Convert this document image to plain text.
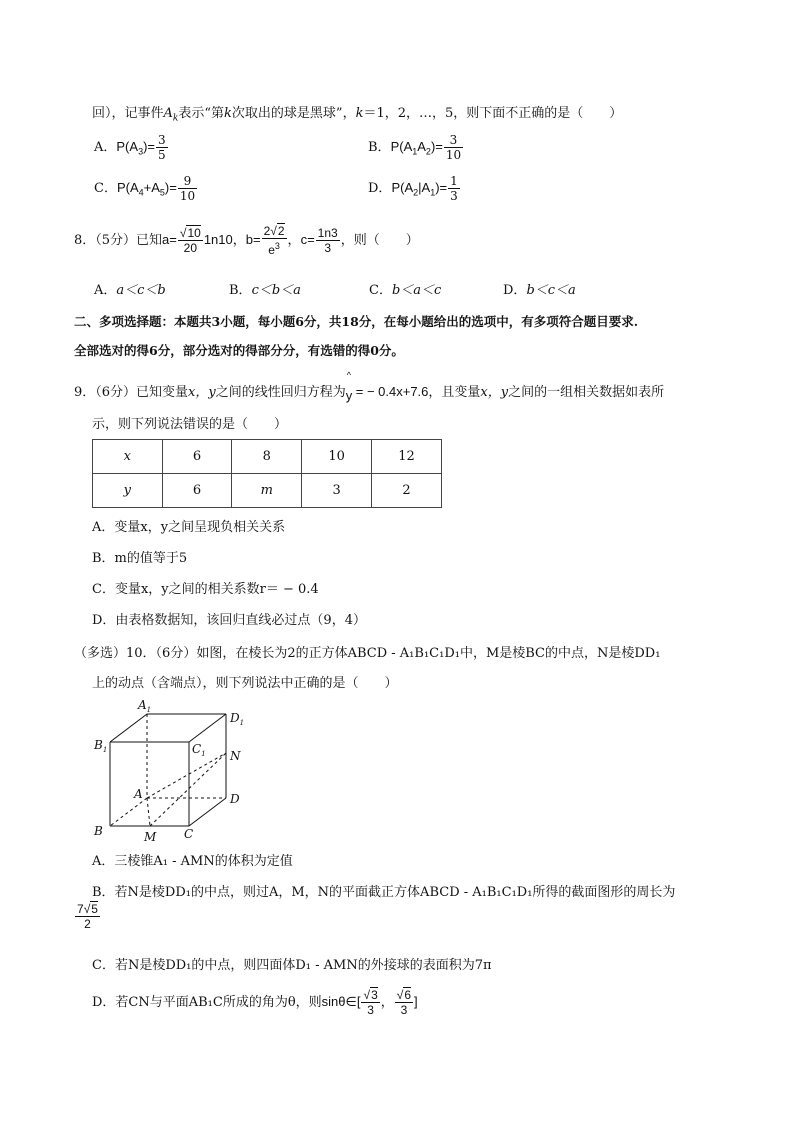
回），记事件$A_k$表示“第k次取出的球是黑球”，k＝1，2，…，5，则下面不正确的是（　　）
A．$P(A_3)= \frac{3}{5}$	B．$P(A_1A_2)= \frac{3}{10}$
C．$P(A_4+A_5)= \frac{9}{10}$	D．$P(A_2|A_1)= \frac{1}{3}$
8．（5分）已知$a= \frac{√10}{20} 1n10$，$b= \frac{2√2}{e^3}$ ，$c= \frac{1n3}{3}$ ，则（　　）
A．a＜c＜b	B．c＜b＜a	C．b＜a＜c	D．b＜c＜a
二、多项选择题：本题共3小题，每小题6分，共18分，在每小题给出的选项中，有多项符合题目要求.
全部选对的得6分，部分选对的得部分分，有选错的得0分。
9．（6分）已知变量x，y之间的线性回归方程为
^
y = − 0.4x+7.6，且变量x，y之间的一组相关数据如表所
示，则下列说法错误的是（　　）
x	6	8	10	12
y	6	m	3	2
A．变量x，y之间呈现负相关关系
B．m的值等于5
C．变量x，y之间的相关系数r＝ − 0.4
D．由表格数据知，该回归直线必过点（9，4）
（多选）10．（6分）如图，在棱长为2的正方体ABCD - A₁B₁C₁D₁中，M是棱BC的中点，N是棱DD₁
上的动点（含端点），则下列说法中正确的是（　　）
$A_1$
$D_1$
$B_1$	$C_1$ N
A	D
B	M C
A．三棱锥A₁ - AMN的体积为定值
B．若N是棱DD₁的中点，则过A，M，N的平面截正方体ABCD - A₁B₁C₁D₁所得的截面图形的周长为
$\frac{7√5}{2}$
C．若N是棱DD₁的中点，则四面体D₁ - AMN的外接球的表面积为7π
D．若CN与平面AB₁C所成的角为θ，则sinθ∈[ $\frac{√3}{3}$ ， $\frac{√6}{3}$ ]
